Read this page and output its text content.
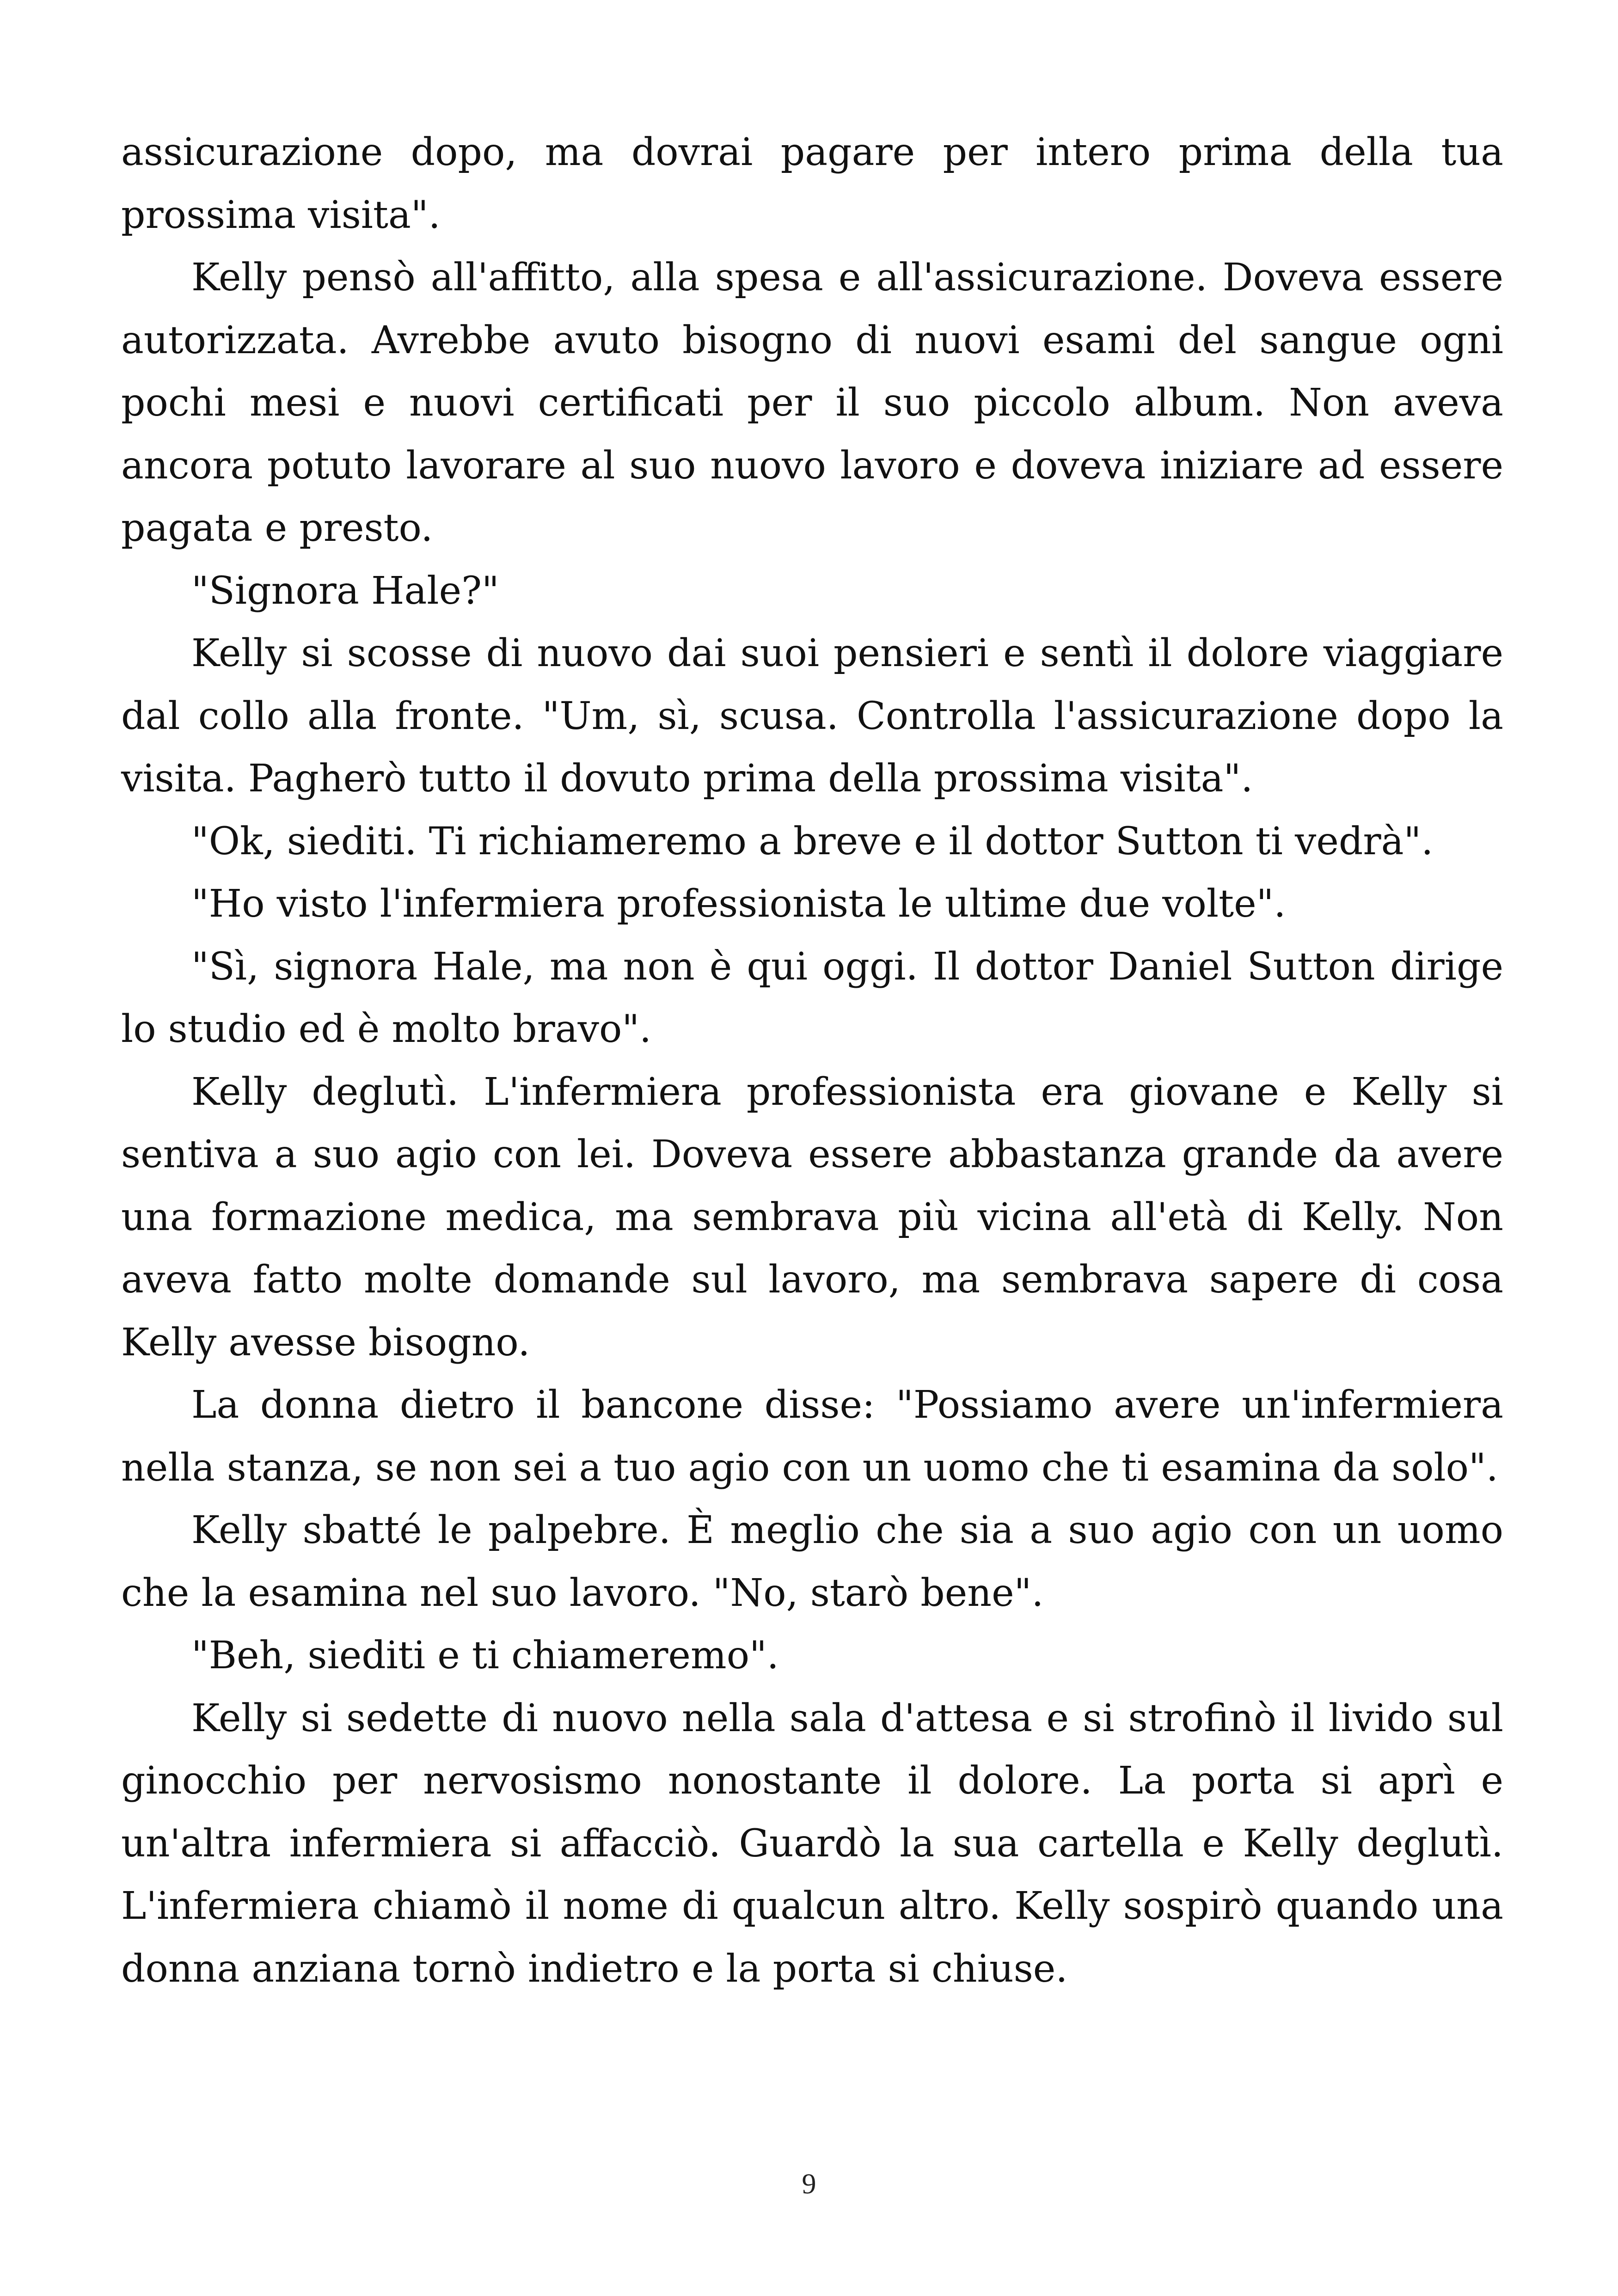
assicurazione dopo, ma dovrai pagare per intero prima della tua prossima visita".

Kelly pensò all'affitto, alla spesa e all'assicurazione. Doveva essere autorizzata. Avrebbe avuto bisogno di nuovi esami del sangue ogni pochi mesi e nuovi certificati per il suo piccolo album. Non aveva ancora potuto lavorare al suo nuovo lavoro e doveva iniziare ad essere pagata e presto.

"Signora Hale?"

Kelly si scosse di nuovo dai suoi pensieri e sentì il dolore viaggiare dal collo alla fronte. "Um, sì, scusa. Controlla l'assicurazione dopo la visita. Pagherò tutto il dovuto prima della prossima visita".

"Ok, siediti. Ti richiameremo a breve e il dottor Sutton ti vedrà".

"Ho visto l'infermiera professionista le ultime due volte".

"Sì, signora Hale, ma non è qui oggi. Il dottor Daniel Sutton dirige lo studio ed è molto bravo".

Kelly deglutì. L'infermiera professionista era giovane e Kelly si sentiva a suo agio con lei. Doveva essere abbastanza grande da avere una formazione medica, ma sembrava più vicina all'età di Kelly. Non aveva fatto molte domande sul lavoro, ma sembrava sapere di cosa Kelly avesse bisogno.

La donna dietro il bancone disse: "Possiamo avere un'infermiera nella stanza, se non sei a tuo agio con un uomo che ti esamina da solo".

Kelly sbatté le palpebre. È meglio che sia a suo agio con un uomo che la esamina nel suo lavoro. "No, starò bene".

"Beh, siediti e ti chiameremo".

Kelly si sedette di nuovo nella sala d'attesa e si strofinò il livido sul ginocchio per nervosismo nonostante il dolore. La porta si aprì e un'altra infermiera si affacciò. Guardò la sua cartella e Kelly deglutì. L'infermiera chiamò il nome di qualcun altro. Kelly sospirò quando una donna anziana tornò indietro e la porta si chiuse.

9
